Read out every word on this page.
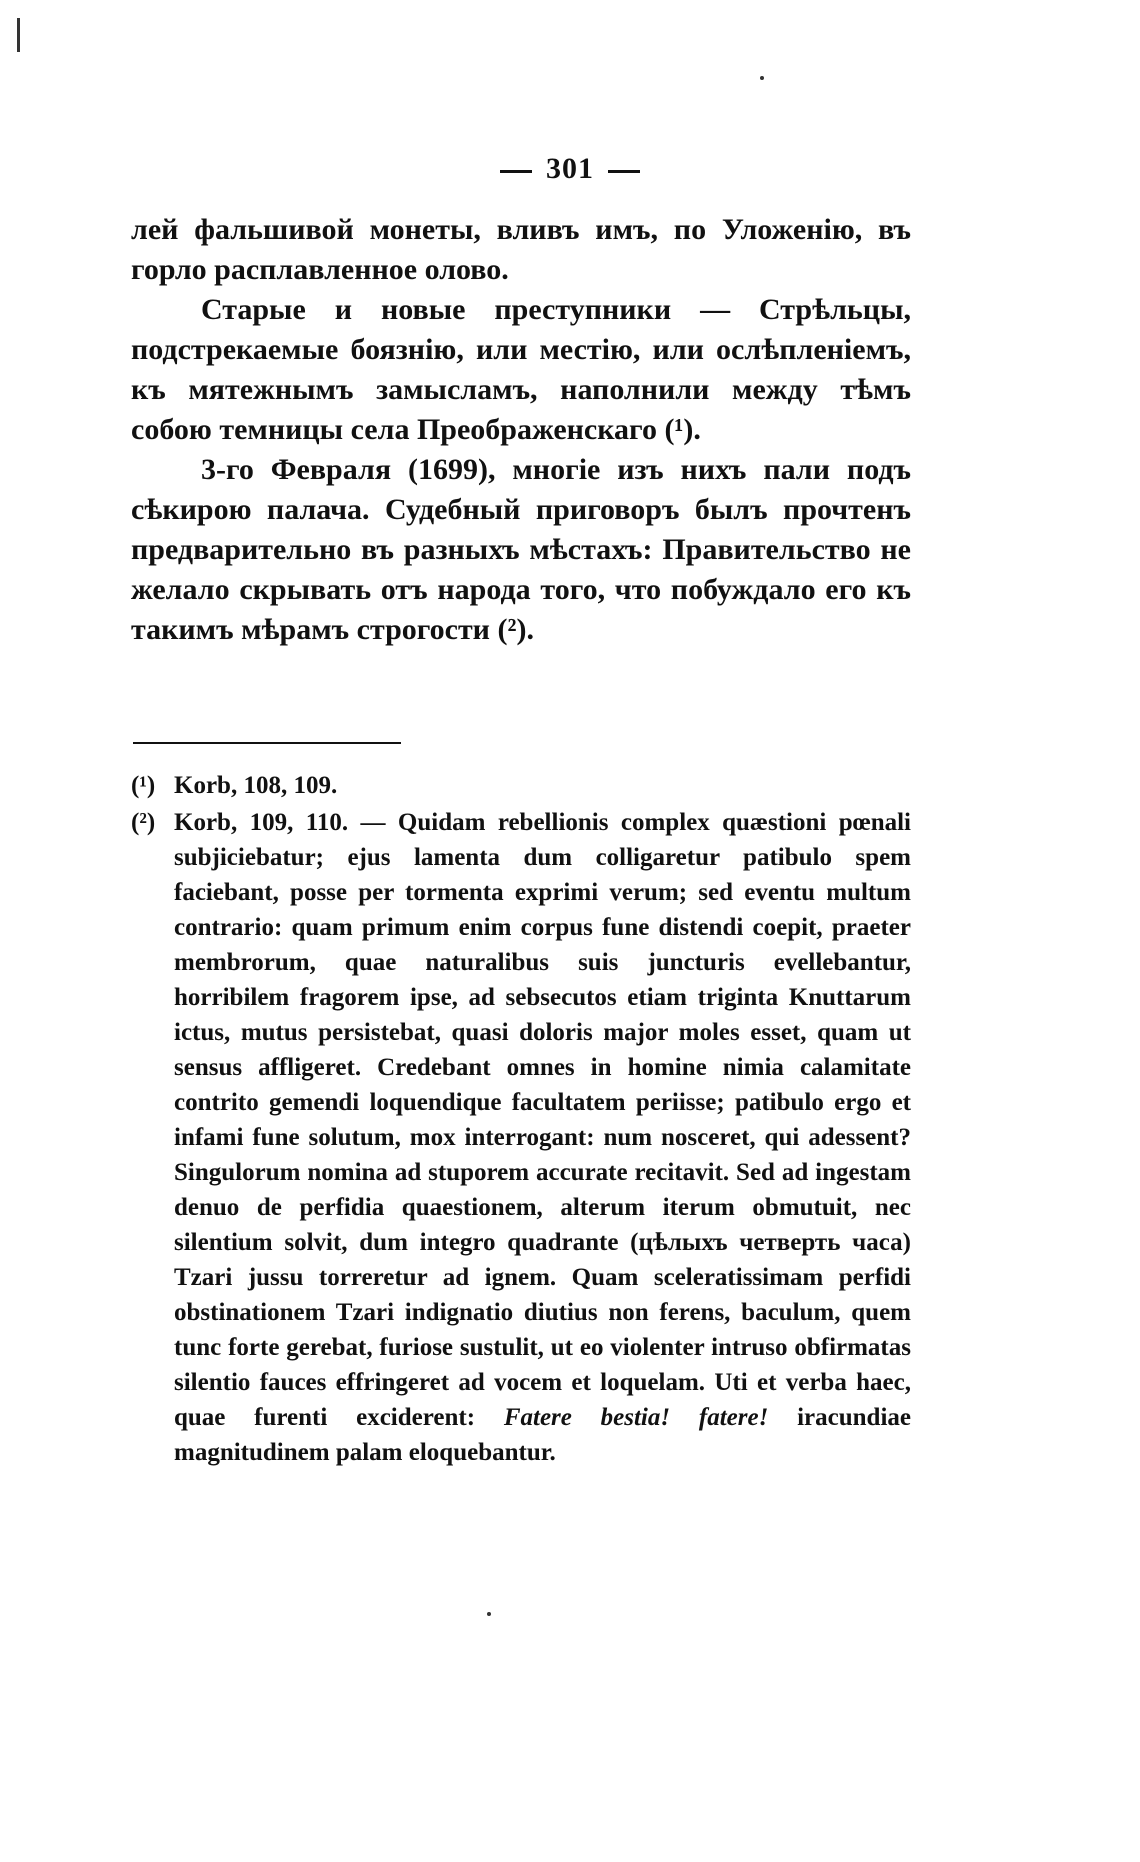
301

лей фальшивой монеты, вливъ имъ, по Уложенію, въ горло расплавленное олово.

Старые и новые преступники — Стрѣльцы, подстрекаемые боязнію, или местію, или ослѣпленіемъ, къ мятежнымъ замысламъ, наполнили между тѣмъ собою темницы села Преображенскаго (¹).

3-го Февраля (1699), многіе изъ нихъ пали подъ сѣкирою палача. Судебный приговоръ былъ прочтенъ предварительно въ разныхъ мѣстахъ: Правительство не желало скрывать отъ народа того, что побуждало его къ такимъ мѣрамъ строгости (²).

(¹) Korb, 108, 109.
(²) Korb, 109, 110. — Quidam rebellionis complex quæstioni pœnali subjiciebatur; ejus lamenta dum colligaretur patibulo spem faciebant, posse per tormenta exprimi verum; sed eventu multum contrario: quam primum enim corpus fune distendi coepit, praeter membrorum, quae naturalibus suis juncturis evellebantur, horribilem fragorem ipse, ad sebsecutos etiam triginta Knuttarum ictus, mutus persistebat, quasi doloris major moles esset, quam ut sensus affligeret. Credebant omnes in homine nimia calamitate contrito gemendi loquendique facultatem periisse; patibulo ergo et infami fune solutum, mox interrogant: num nosceret, qui adessent? Singulorum nomina ad stuporem accurate recitavit. Sed ad ingestam denuo de perfidia quaestionem, alterum iterum obmutuit, nec silentium solvit, dum integro quadrante (цѣлыхъ четверть часа) Tzari jussu torreretur ad ignem. Quam sceleratissimam perfidi obstinationem Tzari indignatio diutius non ferens, baculum, quem tunc forte gerebat, furiose sustulit, ut eo violenter intruso obfirmatas silentio fauces effringeret ad vocem et loquelam. Uti et verba haec, quae furenti exciderent: Fatere bestia! fatere! iracundiae magnitudinem palam eloquebantur.
